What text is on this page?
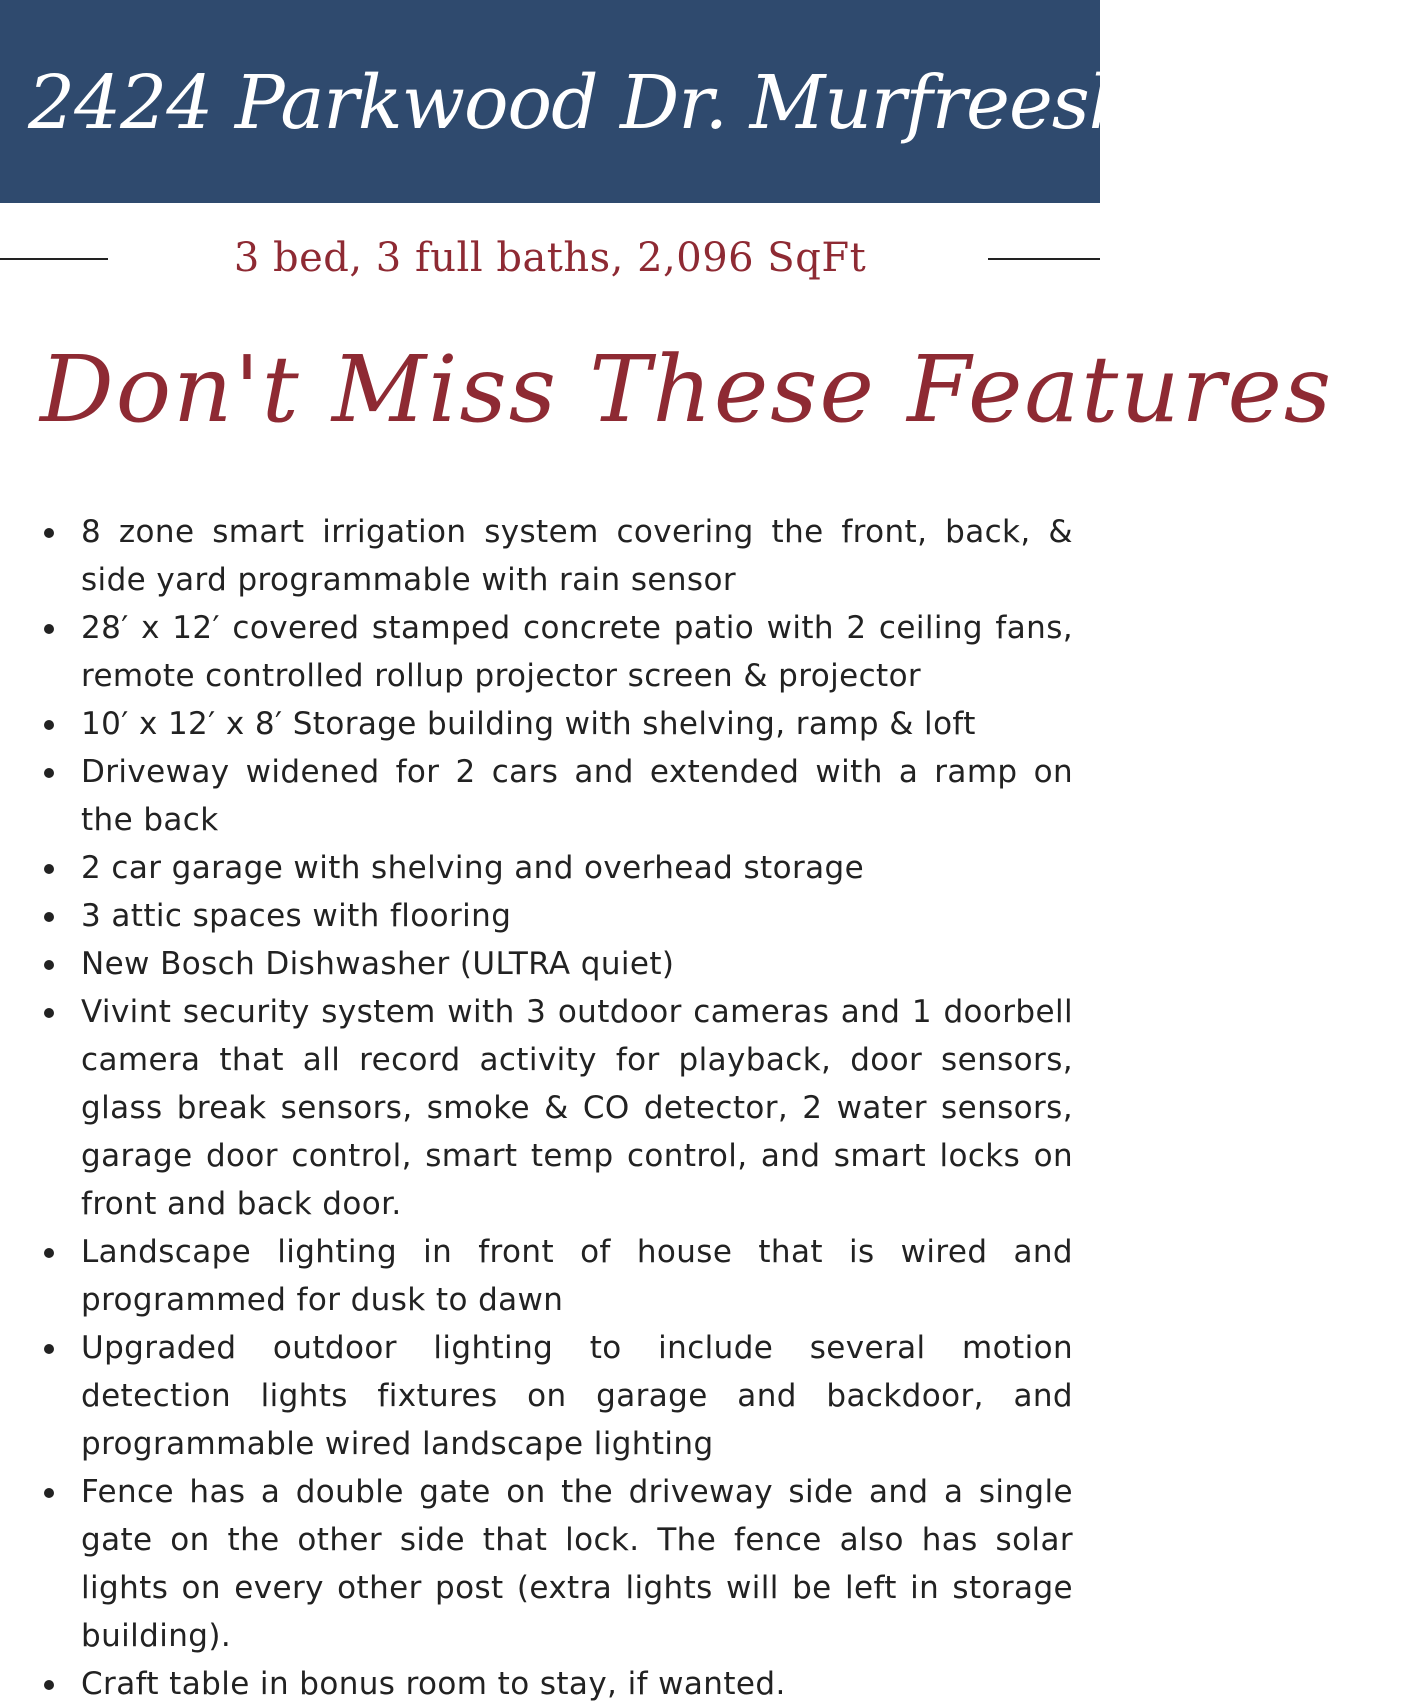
2424 Parkwood Dr. Murfreesboro, TN
3 bed, 3 full baths, 2,096 SqFt
Don't Miss These Features
8 zone smart irrigation system covering the front, back, & side yard programmable with rain sensor
28′ x 12′ covered stamped concrete patio with 2 ceiling fans, remote controlled rollup projector screen & projector
10′ x 12′ x 8′ Storage building with shelving, ramp & loft
Driveway widened for 2 cars and extended with a ramp on the back
2 car garage with shelving and overhead storage
3 attic spaces with flooring
New Bosch Dishwasher (ULTRA quiet)
Vivint security system with 3 outdoor cameras and 1 doorbell camera that all record activity for playback, door sensors, glass break sensors, smoke & CO detector, 2 water sensors, garage door control, smart temp control, and smart locks on front and back door.
Landscape lighting in front of house that is wired and programmed for dusk to dawn
Upgraded outdoor lighting to include several motion detection lights fixtures on garage and backdoor, and programmable wired landscape lighting
Fence has a double gate on the driveway side and a single gate on the other side that lock. The fence also has solar lights on every other post (extra lights will be left in storage building).
Craft table in bonus room to stay, if wanted.
